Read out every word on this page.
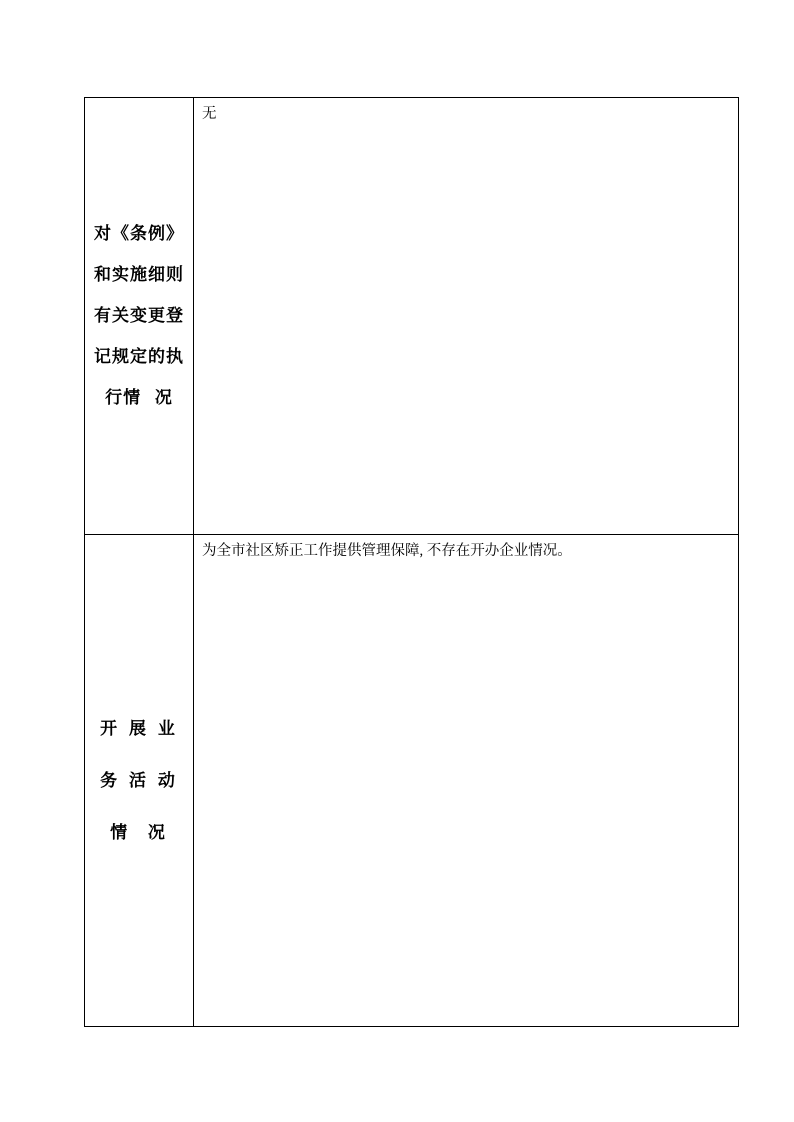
对《条例》和实施细则有关变更登记规定的执行情  况	无

开 展 业 务 活 动 情  况	为全市社区矫正工作提供管理保障, 不存在开办企业情况。
